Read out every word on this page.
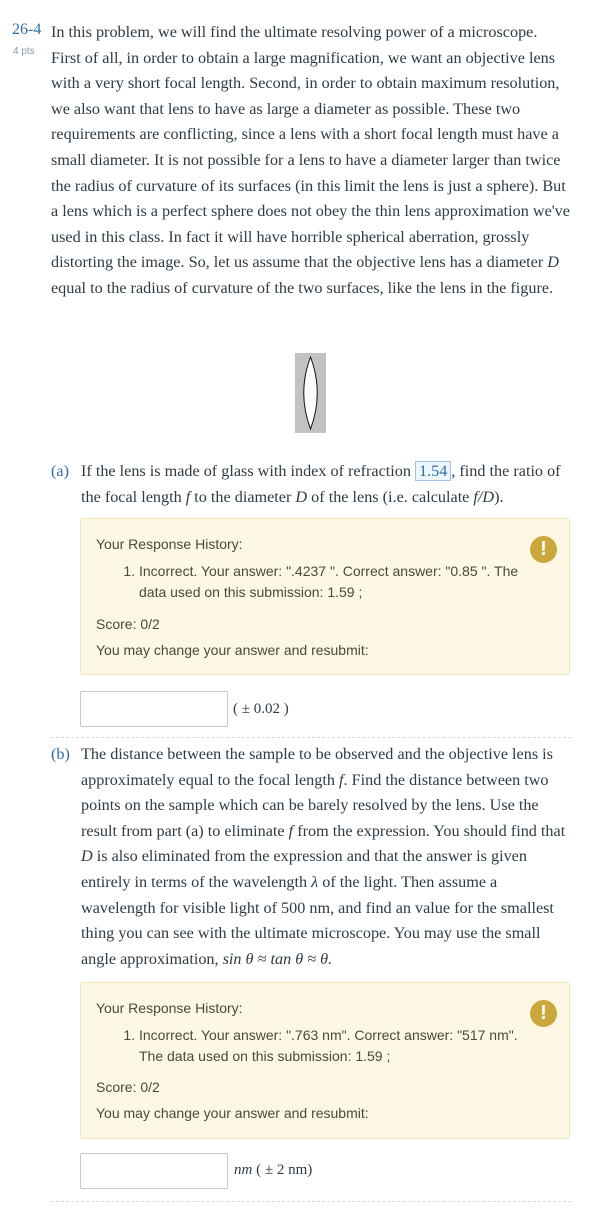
26-4
4 pts
In this problem, we will find the ultimate resolving power of a microscope. First of all, in order to obtain a large magnification, we want an objective lens with a very short focal length. Second, in order to obtain maximum resolution, we also want that lens to have as large a diameter as possible. These two requirements are conflicting, since a lens with a short focal length must have a small diameter. It is not possible for a lens to have a diameter larger than twice the radius of curvature of its surfaces (in this limit the lens is just a sphere). But a lens which is a perfect sphere does not obey the thin lens approximation we've used in this class. In fact it will have horrible spherical aberration, grossly distorting the image. So, let us assume that the objective lens has a diameter D equal to the radius of curvature of the two surfaces, like the lens in the figure.
(a) If the lens is made of glass with index of refraction 1.54 , find the ratio of the focal length f to the diameter D of the lens (i.e. calculate f/D).
Your Response History:	!
1. Incorrect. Your answer: ".4237 ". Correct answer: "0.85 ". The data used on this submission: 1.59 ;
Score: 0/2
You may change your answer and resubmit:
( ± 0.02 )
(b) The distance between the sample to be observed and the objective lens is approximately equal to the focal length f. Find the distance between two points on the sample which can be barely resolved by the lens. Use the result from part (a) to eliminate f from the expression. You should find that D is also eliminated from the expression and that the answer is given entirely in terms of the wavelength λ of the light. Then assume a wavelength for visible light of 500 nm, and find an value for the smallest thing you can see with the ultimate microscope. You may use the small angle approximation, sin θ ≈ tan θ ≈ θ.
Your Response History:	!
1. Incorrect. Your answer: ".763 nm". Correct answer: "517 nm". The data used on this submission: 1.59 ;
Score: 0/2
You may change your answer and resubmit:
nm ( ± 2 nm)
